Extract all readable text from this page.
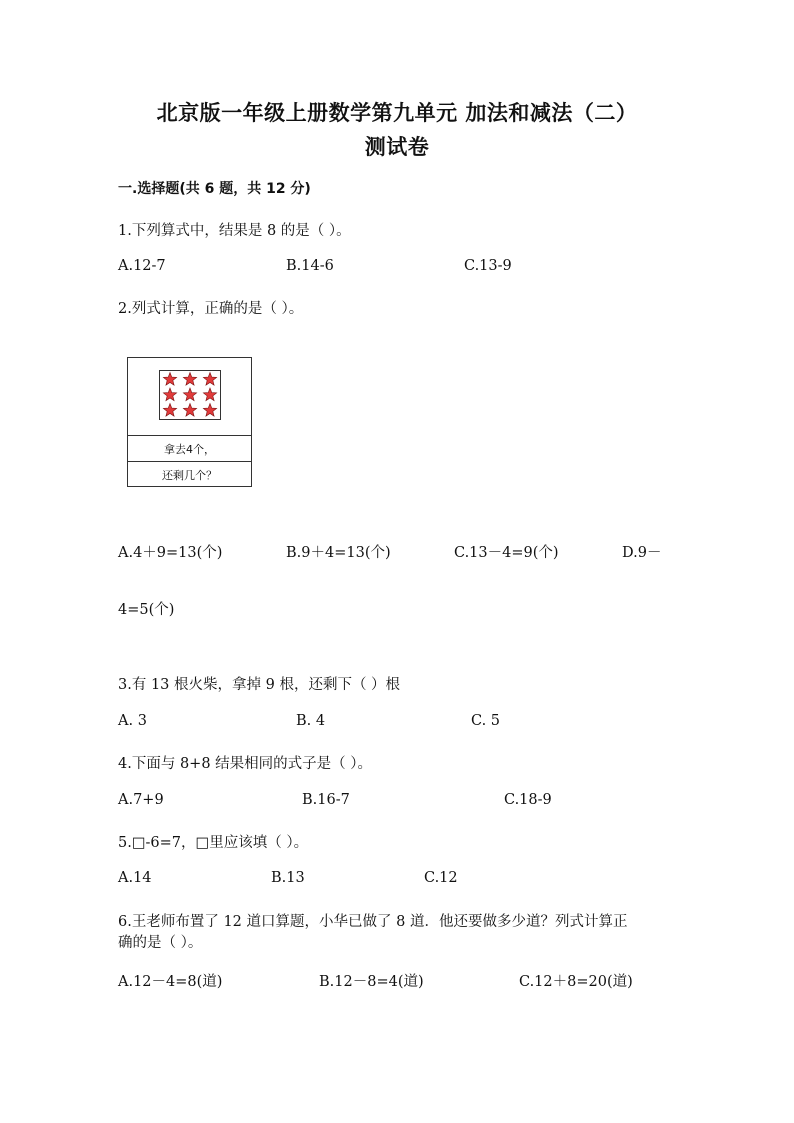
北京版一年级上册数学第九单元 加法和减法（二）
测试卷
一.选择题(共 6 题，共 12 分)
1.下列算式中，结果是 8 的是（ ）。
A.12-7	B.14-6	C.13-9
2.列式计算，正确的是（ ）。
拿去4个，
还剩几个？
A.4＋9=13(个)	B.9＋4=13(个)	C.13－4=9(个)	D.9－
4=5(个)
3.有 13 根火柴，拿掉 9 根，还剩下（ ）根
A. 3	B. 4	C. 5
4.下面与 8+8 结果相同的式子是（ ）。
A.7+9	B.16-7	C.18-9
5.□-6=7，□里应该填（ ）。
A.14	B.13	C.12
6.王老师布置了 12 道口算题，小华已做了 8 道．他还要做多少道？列式计算正
确的是（ ）。
A.12－4=8(道)	B.12－8=4(道)	C.12＋8=20(道)
